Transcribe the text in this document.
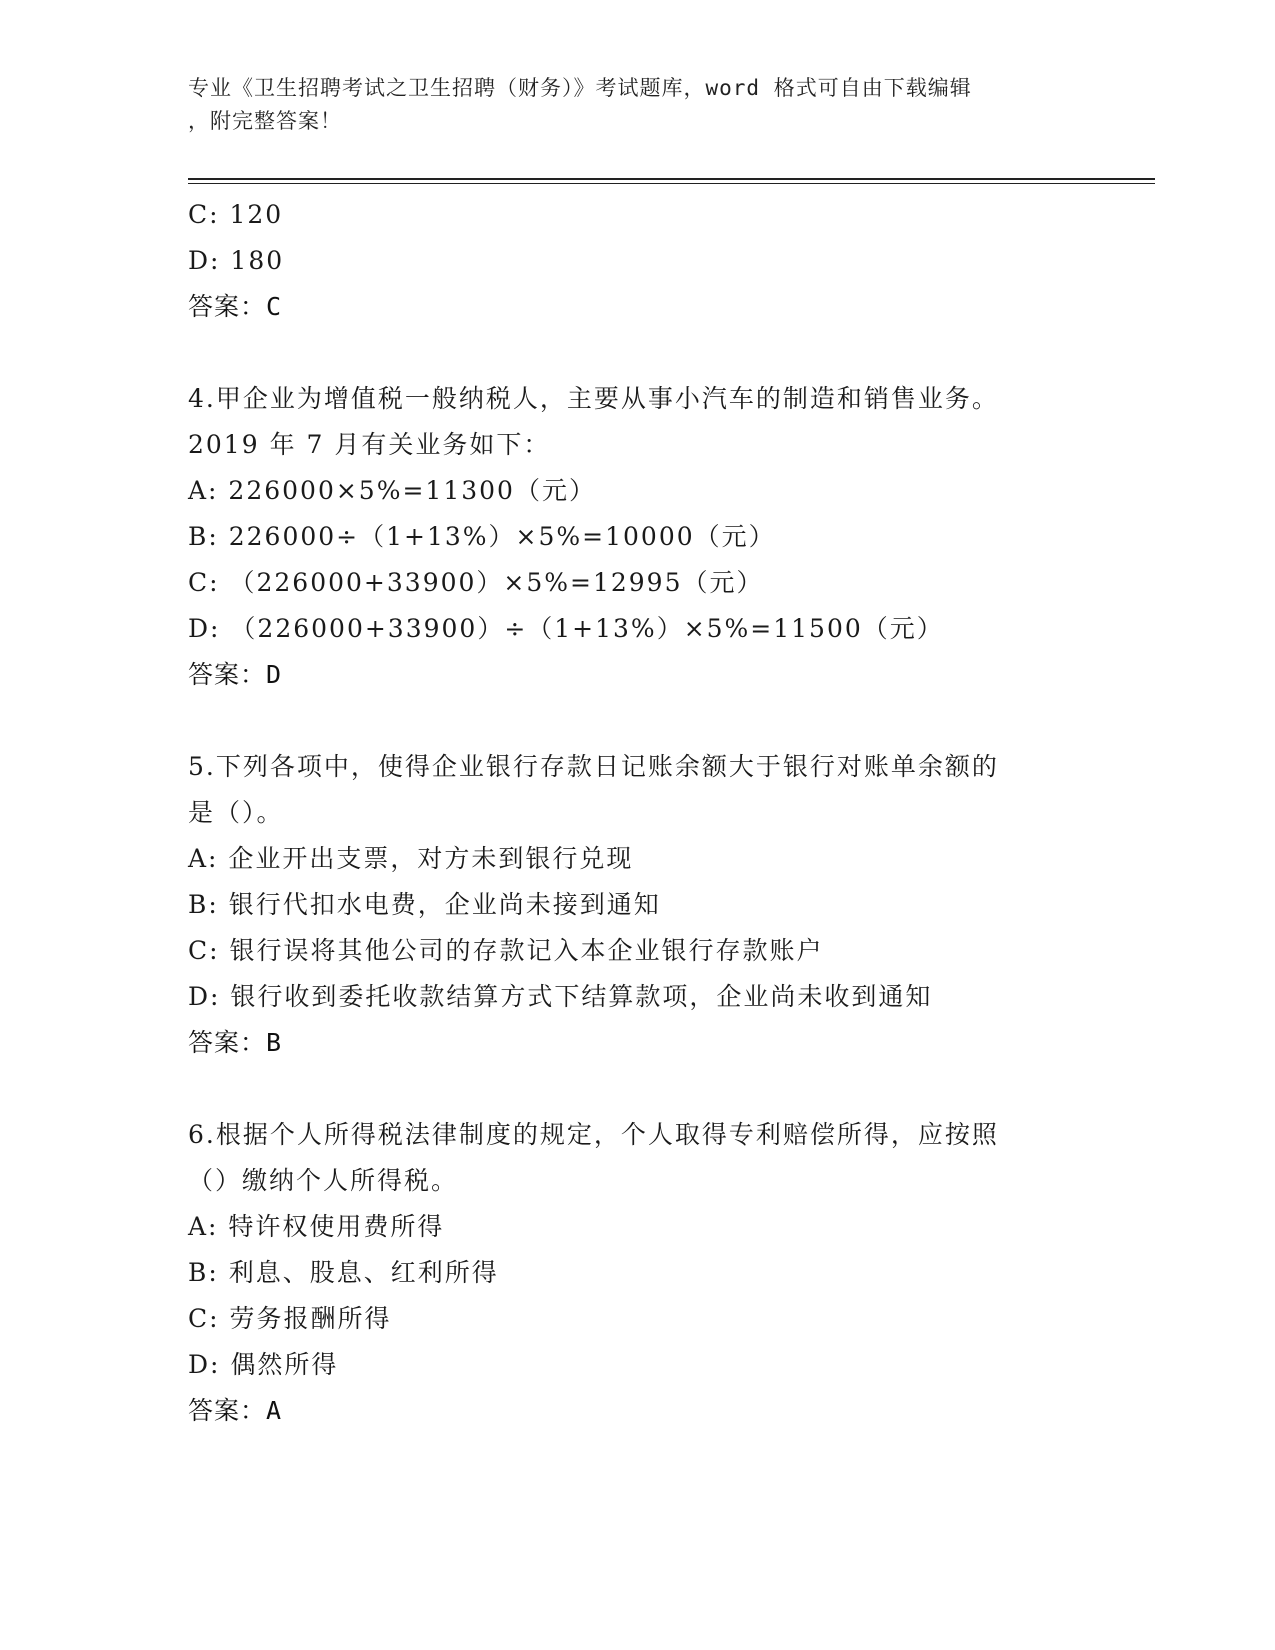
专业《卫生招聘考试之卫生招聘（财务）》考试题库，word 格式可自由下载编辑
，附完整答案！
C: 120
D: 180
答案：C
4.甲企业为增值税一般纳税人，主要从事小汽车的制造和销售业务。
2019 年 7 月有关业务如下：
A: 226000×5%=11300（元）
B: 226000÷（1+13%）×5%=10000（元）
C: （226000+33900）×5%=12995（元）
D: （226000+33900）÷（1+13%）×5%=11500（元）
答案：D
5.下列各项中，使得企业银行存款日记账余额大于银行对账单余额的
是（）。
A: 企业开出支票，对方未到银行兑现
B: 银行代扣水电费，企业尚未接到通知
C: 银行误将其他公司的存款记入本企业银行存款账户
D: 银行收到委托收款结算方式下结算款项，企业尚未收到通知
答案：B
6.根据个人所得税法律制度的规定，个人取得专利赔偿所得，应按照
（）缴纳个人所得税。
A: 特许权使用费所得
B: 利息、股息、红利所得
C: 劳务报酬所得
D: 偶然所得
答案：A
